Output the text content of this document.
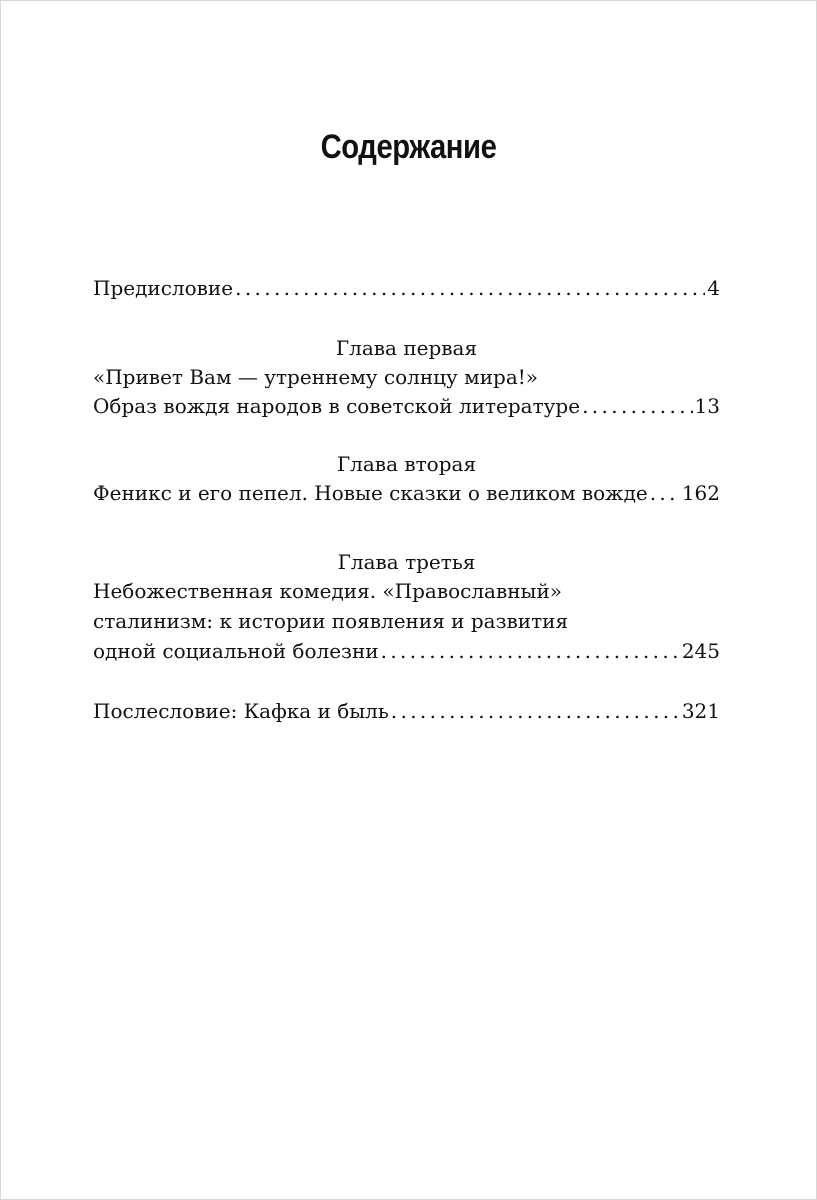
Содержание
Предисловие . . .	4
Глава первая
«Привет Вам — утреннему солнцу мира!»
Образ вождя народов в советской литературе . . .	13
Глава вторая
Феникс и его пепел. Новые сказки о великом вожде . . . 162
Глава третья
Небожественная комедия. «Православный»
сталинизм: к истории появления и развития
одной социальной болезни . . .	245
Послесловие: Кафка и быль . . .	321
